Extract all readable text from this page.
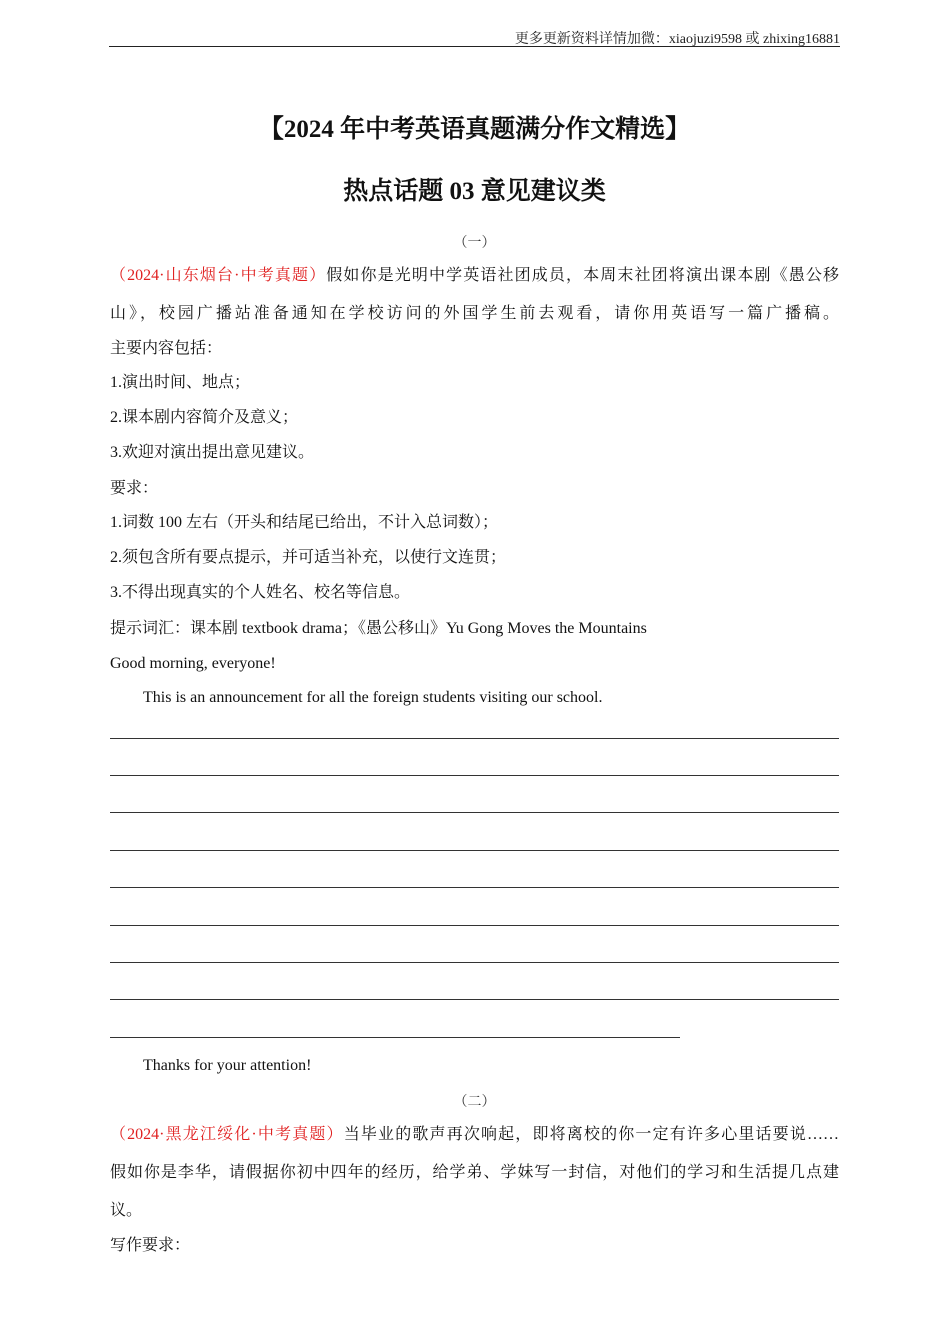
更多更新资料详情加微：xiaojuzi9598 或 zhixing16881
【2024 年中考英语真题满分作文精选】
热点话题 03 意见建议类
（一）
（2024·山东烟台·中考真题）假如你是光明中学英语社团成员，本周末社团将演出课本剧《愚公移
山》，校园广播站准备通知在学校访问的外国学生前去观看，请你用英语写一篇广播稿。
主要内容包括：
1.演出时间、地点；
2.课本剧内容简介及意义；
3.欢迎对演出提出意见建议。
要求：
1.词数 100 左右（开头和结尾已给出，不计入总词数）；
2.须包含所有要点提示，并可适当补充，以使行文连贯；
3.不得出现真实的个人姓名、校名等信息。
提示词汇：课本剧 textbook drama；《愚公移山》Yu Gong Moves the Mountains
Good morning, everyone!
This is an announcement for all the foreign students visiting our school.
Thanks for your attention!
（二）
（2024·黑龙江绥化·中考真题）当毕业的歌声再次响起，即将离校的你一定有许多心里话要说……
假如你是李华，请假据你初中四年的经历，给学弟、学妹写一封信，对他们的学习和生活提几点建
议。
写作要求：
